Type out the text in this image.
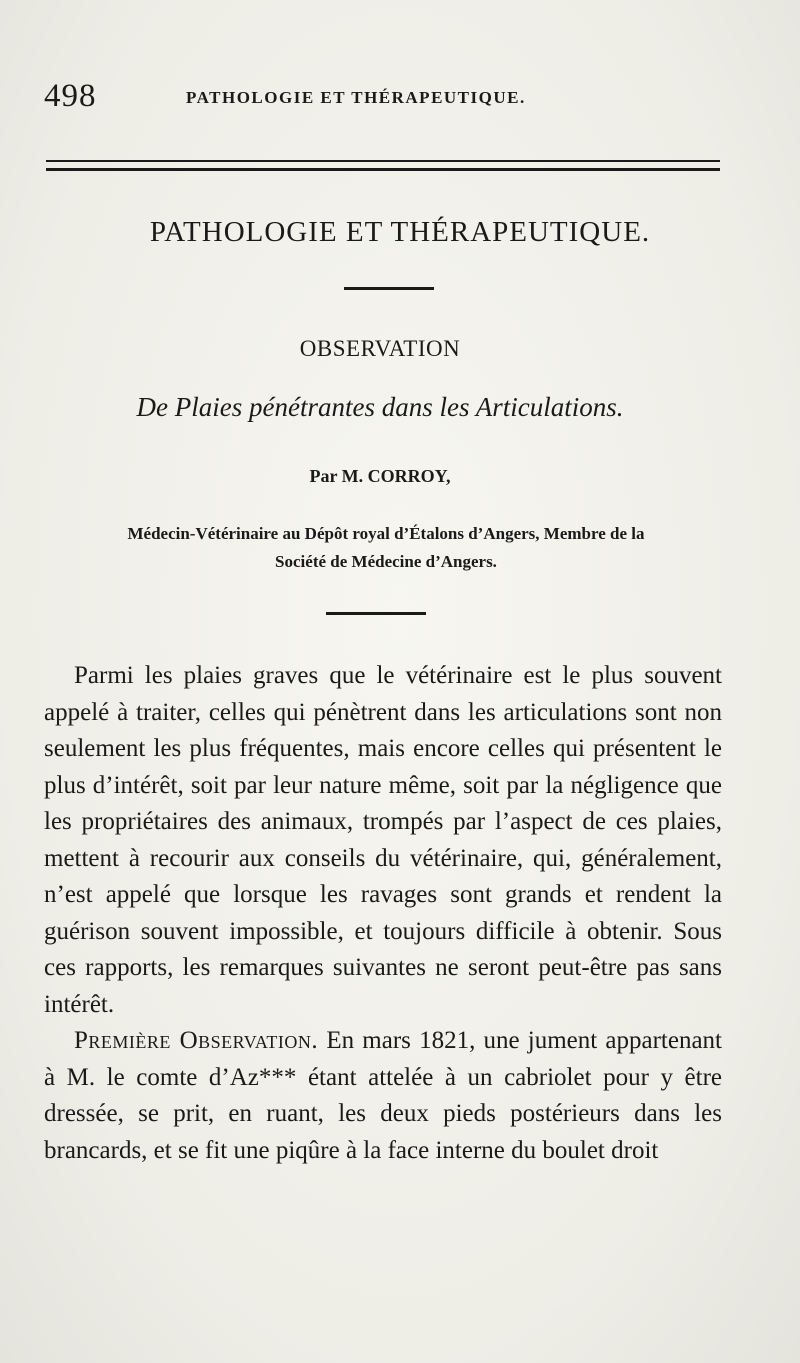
498	PATHOLOGIE ET THÉRAPEUTIQUE.
PATHOLOGIE ET THÉRAPEUTIQUE.
OBSERVATION
De Plaies pénétrantes dans les Articulations.
Par M. CORROY,
Médecin-Vétérinaire au Dépôt royal d’Étalons d’Angers, Membre de la
Société de Médecine d’Angers.

Parmi les plaies graves que le vétérinaire est le plus souvent appelé à traiter, celles qui pénètrent dans les articulations sont non seulement les plus fréquentes, mais encore celles qui présentent le plus d’intérêt, soit par leur nature même, soit par la négligence que les propriétaires des animaux, trompés par l’aspect de ces plaies, mettent à recourir aux conseils du vétérinaire, qui, généralement, n’est appelé que lorsque les ravages sont grands et rendent la guérison souvent impossible, et toujours difficile à obtenir. Sous ces rapports, les remarques suivantes ne seront peut-être pas sans intérêt.

Première Observation. En mars 1821, une jument appartenant à M. le comte d’Az*** étant attelée à un cabriolet pour y être dressée, se prit, en ruant, les deux pieds postérieurs dans les brancards, et se fit une piqûre à la face interne du boulet droit
